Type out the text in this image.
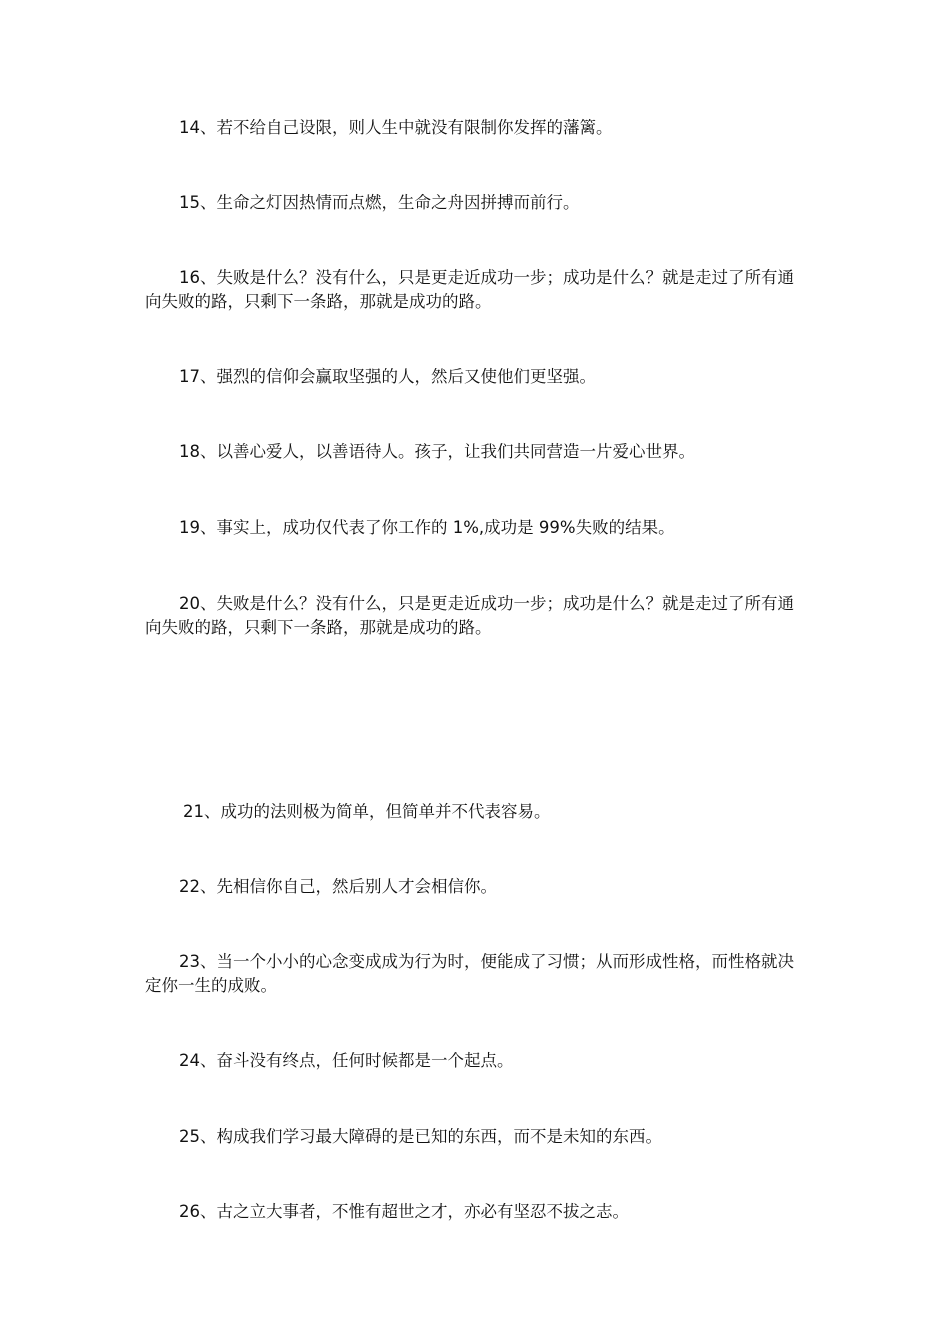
14、若不给自己设限，则人生中就没有限制你发挥的藩篱。

15、生命之灯因热情而点燃，生命之舟因拼搏而前行。

16、失败是什么？没有什么，只是更走近成功一步；成功是什么？就是走过了所有通向失败的路，只剩下一条路，那就是成功的路。

17、强烈的信仰会赢取坚强的人，然后又使他们更坚强。

18、以善心爱人，以善语待人。孩子，让我们共同营造一片爱心世界。

19、事实上，成功仅代表了你工作的 1%,成功是 99%失败的结果。

20、失败是什么？没有什么，只是更走近成功一步；成功是什么？就是走过了所有通向失败的路，只剩下一条路，那就是成功的路。

21、成功的法则极为简单，但简单并不代表容易。

22、先相信你自己，然后别人才会相信你。

23、当一个小小的心念变成成为行为时，便能成了习惯；从而形成性格，而性格就决定你一生的成败。

24、奋斗没有终点，任何时候都是一个起点。

25、构成我们学习最大障碍的是已知的东西，而不是未知的东西。

26、古之立大事者，不惟有超世之才，亦必有坚忍不拔之志。
